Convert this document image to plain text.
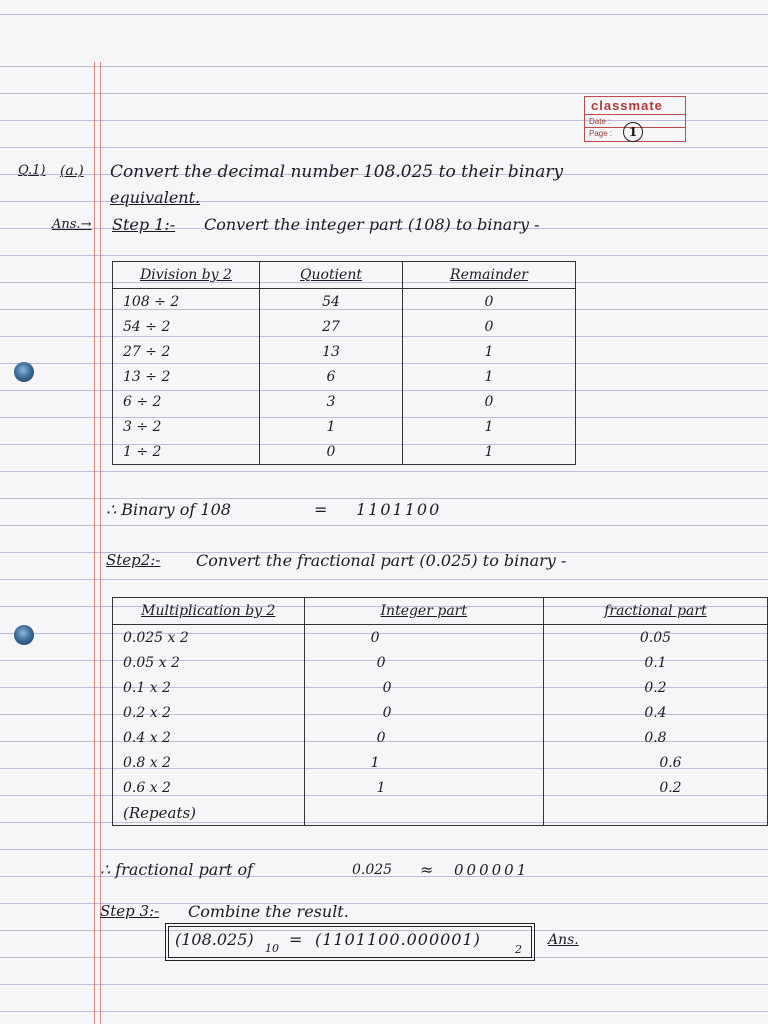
classmate
Date :
Page :	1
Q.1) (a.) Convert the decimal number 108.025 to their binary
equivalent.
Ans.→ Step 1:- Convert the integer part (108) to binary -
Division by 2	Quotient	Remainder
108 ÷ 2	54	0
54 ÷ 2	27	0
27 ÷ 2	13	1
13 ÷ 2	6	1
6 ÷ 2	3	0
3 ÷ 2	1	1
1 ÷ 2	0	1
∴ Binary of 108	= 1101100
Step2:- Convert the fractional part (0.025) to binary -
Multiplication by 2	Integer part	fractional part
0.025 x 2	0	0.05
0.05 x 2	0	0.1
0.1 x 2	0	0.2
0.2 x 2	0	0.4
0.4 x 2	0	0.8
0.8 x 2	1	0.6
0.6 x 2	1	0.2
(Repeats)		
∴ fractional part of	0.025 ≈ 000001
Step 3:- Combine the result.
(108.025) 10 = (1101100.000001)
2
Ans.
